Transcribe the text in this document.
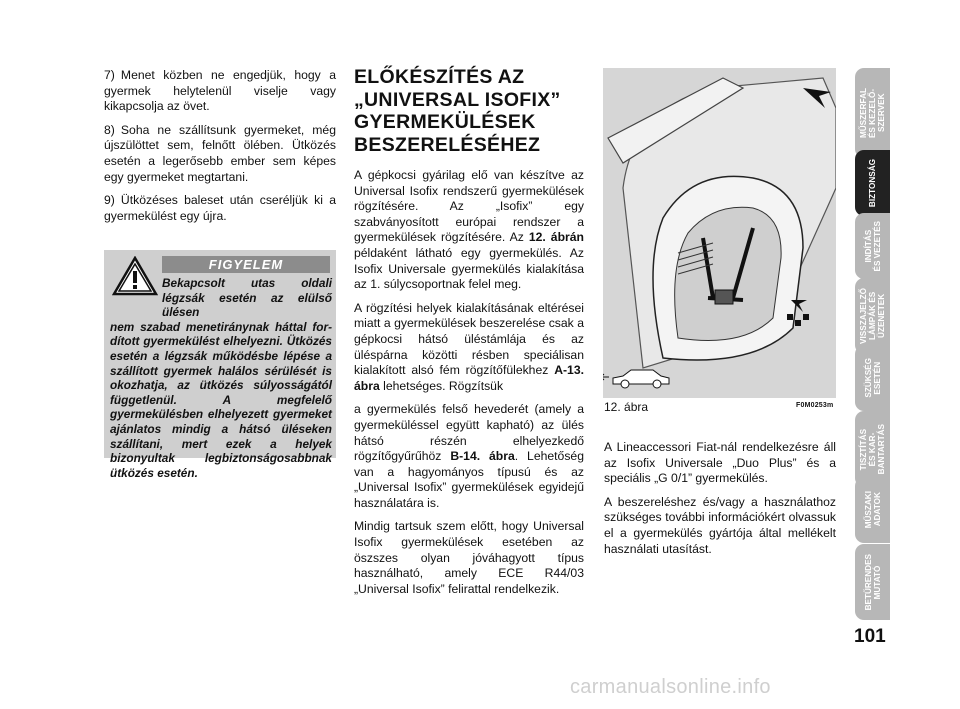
7) Menet közben ne engedjük, hogy a gyermek helytelenül viselje vagy kikapcsolja az övet.

8) Soha ne szállítsunk gyermeket, még újszülöttet sem, felnőtt ölében. Ütközés esetén a legerősebb ember sem képes egy gyermeket megtartani.

9) Ütközéses baleset után cseréljük ki a gyermekülést egy újra.

FIGYELEM
Bekapcsolt utas oldali légzsák esetén az elülső ülésen
nem szabad menetiránynak háttal for-dított gyermekülést elhelyezni. Ütközés esetén a légzsák működésbe lépése a szállított gyermek halálos sérülését is okozhatja, az ütközés súlyosságától függetlenül. A megfelelő gyermekülésben elhelyezett gyermeket ajánlatos mindig a hátsó üléseken szállítani, mert ezek a helyek bizonyultak legbiztonságosabbnak ütközés esetén.
ELŐKÉSZÍTÉS AZ „UNIVERSAL ISOFIX” GYERMEKÜLÉSEK BESZERELÉSÉHEZ

A gépkocsi gyárilag elő van készítve az Universal Isofix rendszerű gyermekülések rögzítésére. Az „Isofix” egy szabványosított európai rendszer a gyermekülések rögzítésére. Az 12. ábrán példaként látható egy gyermekülés. Az Isofix Universale gyermekülés kialakítása az 1. súlycsoportnak felel meg.

A rögzítési helyek kialakításának eltérései miatt a gyermekülések beszerelése csak a gépkocsi hátsó üléstámlája és az üléspárna közötti résben speciálisan kialakított alsó fém rögzítőfülekhez A-13. ábra lehetséges. Rögzítsük

a gyermekülés felső hevederét (amely a gyermeküléssel együtt kapható) az ülés hátsó részén elhelyezkedő rögzítőgyűrűhöz B-14. ábra. Lehetőség van a hagyományos típusú és az „Universal Isofix” gyermekülések egyidejű használatára is.

Mindig tartsuk szem előtt, hogy Universal Isofix gyermekülések esetében az öszszes olyan jóváhagyott típus használható, amely ECE R44/03 „Universal Isofix” felirattal rendelkezik.

12. ábra	F0M0253m

A Lineaccessori Fiat-nál rendelkezésre áll az Isofix Universale „Duo Plus” és a speciális „G 0/1” gyermekülés.

A beszereléshez és/vagy a használathoz szükséges további információkért olvassuk el a gyermekülés gyártója által mellékelt használati utasítást.

MŰSZERFAL
ÉS KEZELŐ-
SZERVEK
BIZTONSÁG
INDÍTÁS
ÉS VEZETÉS
VISSZAJELZŐ
LÁMPÁK ÉS
ÜZENETEK
SZÜKSÉG
ESETÉN
TISZTÍTÁS
ÉS KAR-
BANTARTÁS
MŰSZAKI
ADATOK
BETŰRENDES
MUTATÓ
101
carmanualsonline.info
